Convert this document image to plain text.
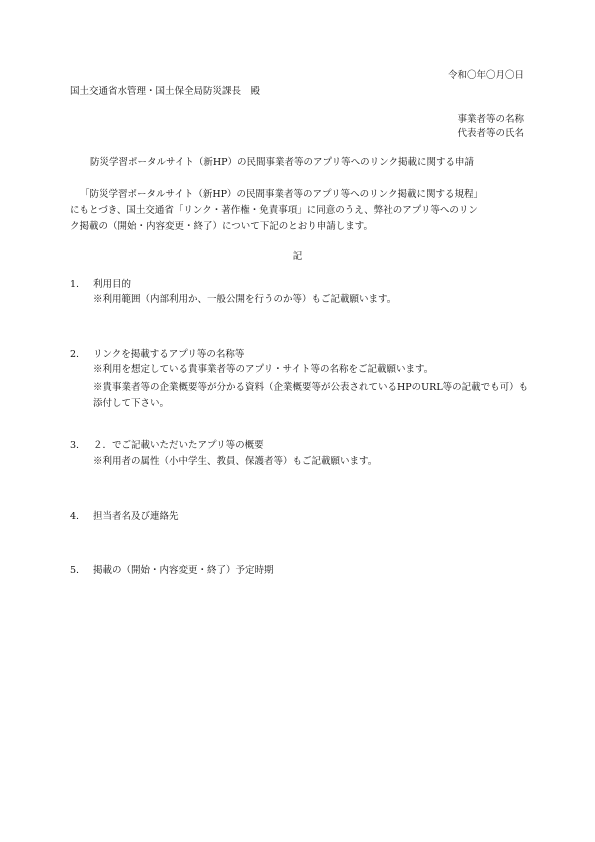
令和〇年〇月〇日
国土交通省水管理・国土保全局防災課長　殿
事業者等の名称
代表者等の氏名
防災学習ポータルサイト（新HP）の民間事業者等のアプリ等へのリンク掲載に関する申請

「防災学習ポータルサイト（新HP）の民間事業者等のアプリ等へのリンク掲載に関する規程」

にもとづき、国土交通省「リンク・著作権・免責事項」に同意のうえ、弊社のアプリ等へのリン

ク掲載の（開始・内容変更・終了）について下記のとおり申請します。

記
1. 利用目的
※利用範囲（内部利用か、一般公開を行うのか等）もご記載願います。
2. リンクを掲載するアプリ等の名称等
※利用を想定している貴事業者等のアプリ・サイト等の名称をご記載願います。
※貴事業者等の企業概要等が分かる資料（企業概要等が公表されているHPのURL等の記載でも可）も添付して下さい。
3. ２．でご記載いただいたアプリ等の概要
※利用者の属性（小中学生、教員、保護者等）もご記載願います。
4. 担当者名及び連絡先
5. 掲載の（開始・内容変更・終了）予定時期
